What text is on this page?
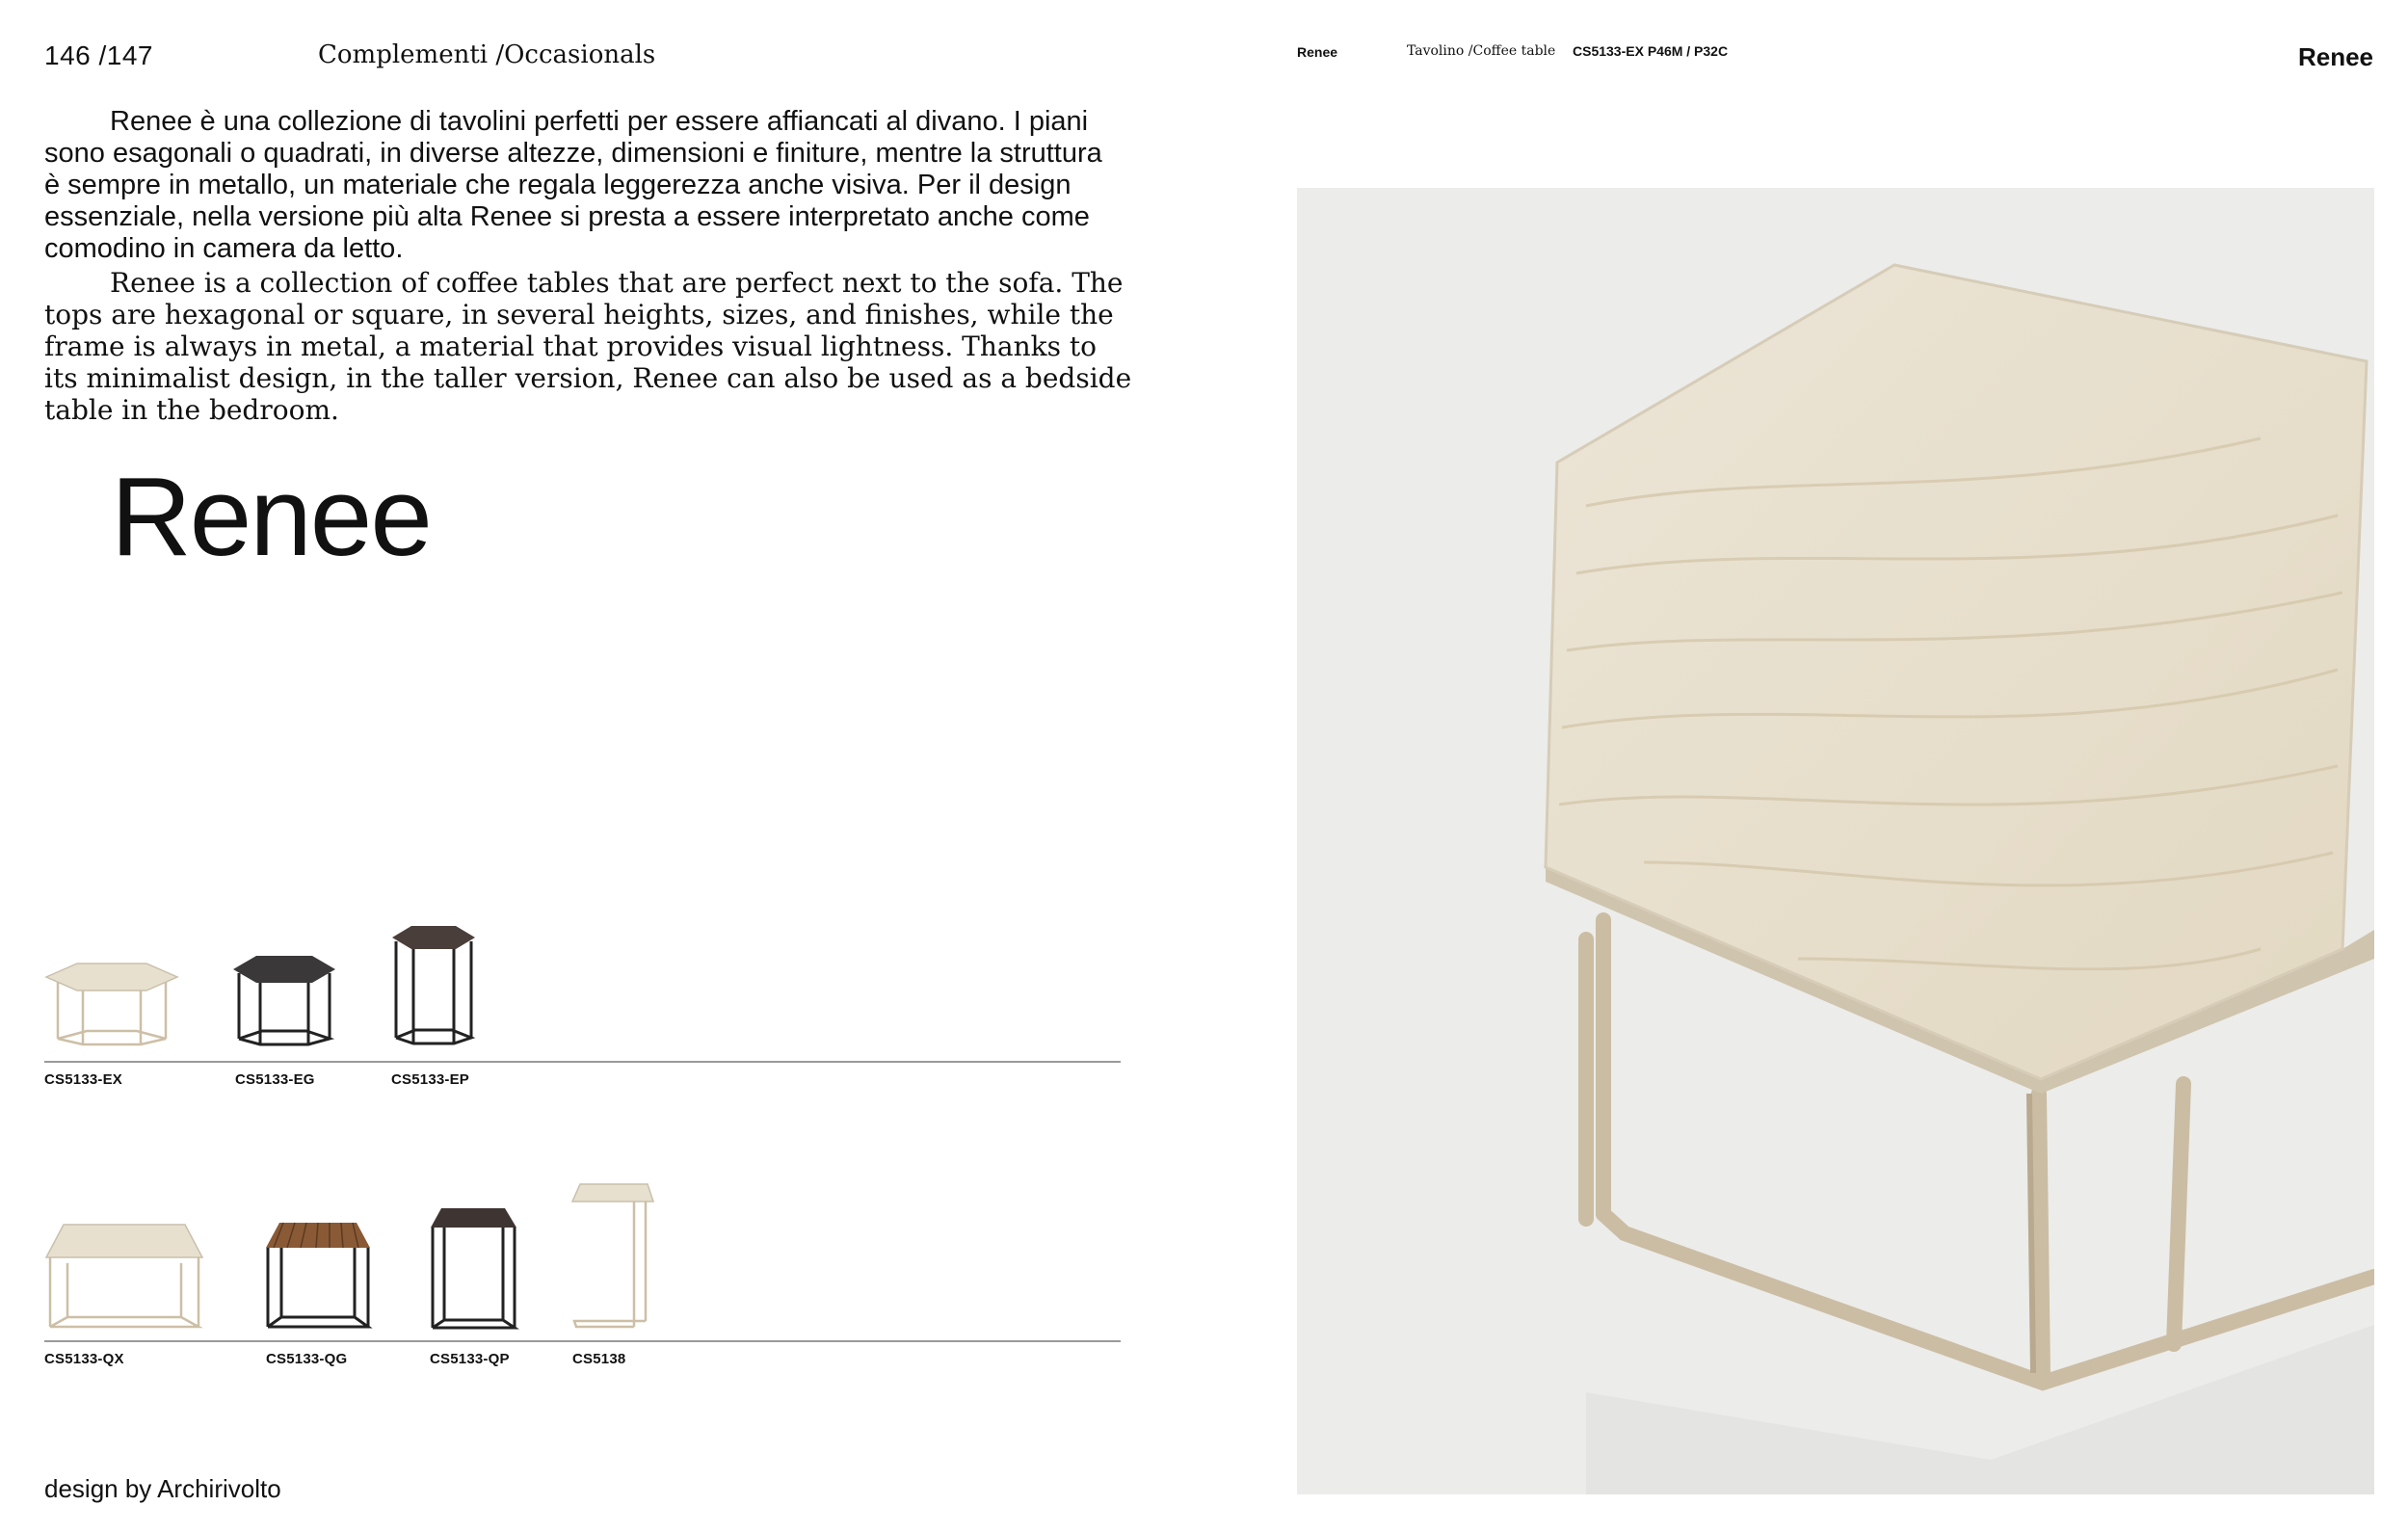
146 /147	Complementi /Occasionals
Renee è una collezione di tavolini perfetti per essere affiancati al divano. I piani sono esagonali o quadrati, in diverse altezze, dimensioni e finiture, mentre la struttura è sempre in metallo, un materiale che regala leggerezza anche visiva. Per il design essenziale, nella versione più alta Renee si presta a essere interpretato anche come comodino in camera da letto.
Renee is a collection of coffee tables that are perfect next to the sofa. The tops are hexagonal or square, in several heights, sizes, and finishes, while the frame is always in metal, a material that provides visual lightness. Thanks to its minimalist design, in the taller version, Renee can also be used as a bedside table in the bedroom.
Renee
CS5133-EX	CS5133-EG	CS5133-EP
CS5133-QX	CS5133-QG	CS5133-QP	CS5138
design by Archirivolto
Renee	Tavolino /Coffee table CS5133-EX P46M / P32C	Renee
